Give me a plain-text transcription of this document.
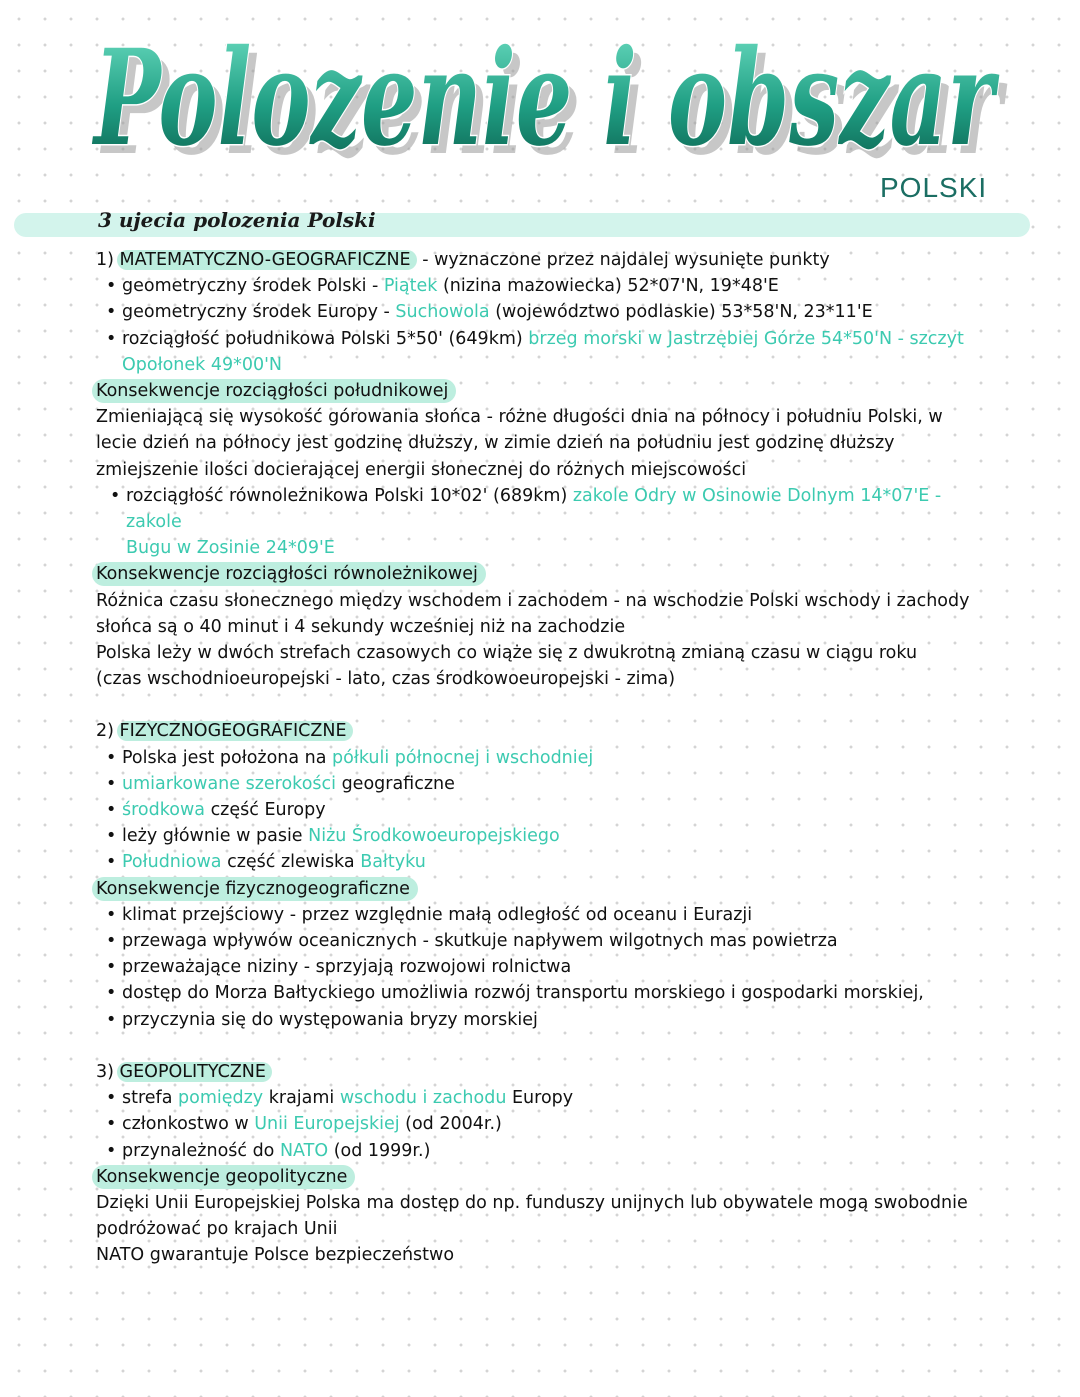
Polozenie i obszar
Polozenie i obszar
POLSKI
3 ujecia polozenia Polski

1) MATEMATYCZNO-GEOGRAFICZNE - wyznaczone przez najdalej wysunięte punkty

• geometryczny środek Polski - Piątek (nizina mazowiecka) 52*07'N, 19*48'E
• geometryczny środek Europy - Suchowola (województwo podlaskie) 53*58'N, 23*11'E
• rozciągłość południkowa Polski 5*50' (649km) brzeg morski w Jastrzębiej Górze 54*50'N - szczyt
Opołonek 49*00'N
Konsekwencje rozciągłości południkowej

Zmieniającą się wysokość górowania słońca - różne długości dnia na północy i południu Polski, w

lecie dzień na północy jest godzinę dłuższy, w zimie dzień na południu jest godzinę dłuższy

zmiejszenie ilości docierającej energii słonecznej do różnych miejscowości

• rozciągłość równoleżnikowa Polski 10*02' (689km) zakole Odry w Osinowie Dolnym 14*07'E - zakole
Bugu w Zosinie 24*09'E
Konsekwencje rozciągłości równoleżnikowej

Różnica czasu słonecznego między wschodem i zachodem - na wschodzie Polski wschody i zachody

słońca są o 40 minut i 4 sekundy wcześniej niż na zachodzie

Polska leży w dwóch strefach czasowych co wiąże się z dwukrotną zmianą czasu w ciągu roku

(czas wschodnioeuropejski - lato, czas środkowoeuropejski - zima)

2) FIZYCZNOGEOGRAFICZNE

• Polska jest położona na półkuli północnej i wschodniej
• umiarkowane szerokości geograficzne
• środkowa część Europy
• leży głównie w pasie Niżu Środkowoeuropejskiego
• Południowa część zlewiska Bałtyku
Konsekwencje fizycznogeograficzne
• klimat przejściowy - przez względnie małą odległość od oceanu i Eurazji
• przewaga wpływów oceanicznych - skutkuje napływem wilgotnych mas powietrza
• przeważające niziny - sprzyjają rozwojowi rolnictwa
• dostęp do Morza Bałtyckiego umożliwia rozwój transportu morskiego i gospodarki morskiej,
• przyczynia się do występowania bryzy morskiej

3) GEOPOLITYCZNE

• strefa pomiędzy krajami wschodu i zachodu Europy
• członkostwo w Unii Europejskiej (od 2004r.)
• przynależność do NATO (od 1999r.)
Konsekwencje geopolityczne

Dzięki Unii Europejskiej Polska ma dostęp do np. funduszy unijnych lub obywatele mogą swobodnie

podróżować po krajach Unii

NATO gwarantuje Polsce bezpieczeństwo
